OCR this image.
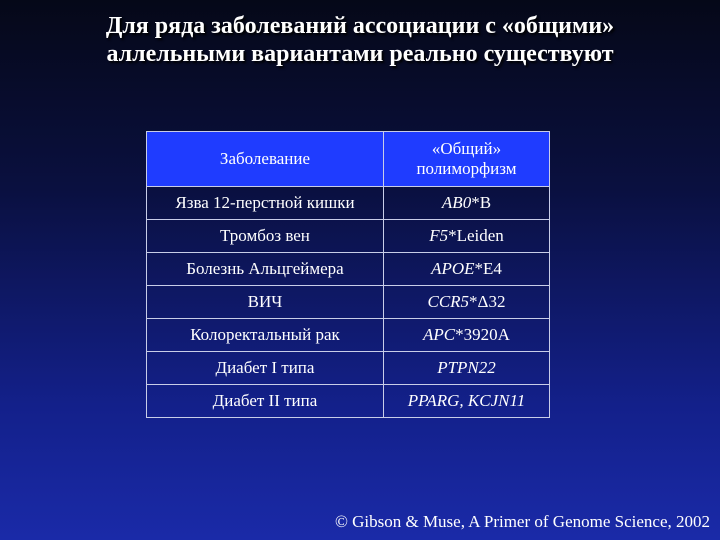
Для ряда заболеваний ассоциации с «общими»
аллельными вариантами реально существуют
Заболевание	«Общий»
полиморфизм
Язва 12-перстной кишки	AB0*B
Тромбоз вен	F5*Leiden
Болезнь Альцгеймера	APOE*E4
ВИЧ	CCR5*Δ32
Колоректальный рак	APC*3920A
Диабет I типа	PTPN22
Диабет II типа	PPARG, KCJN11
© Gibson & Muse, A Primer of Genome Science, 2002
